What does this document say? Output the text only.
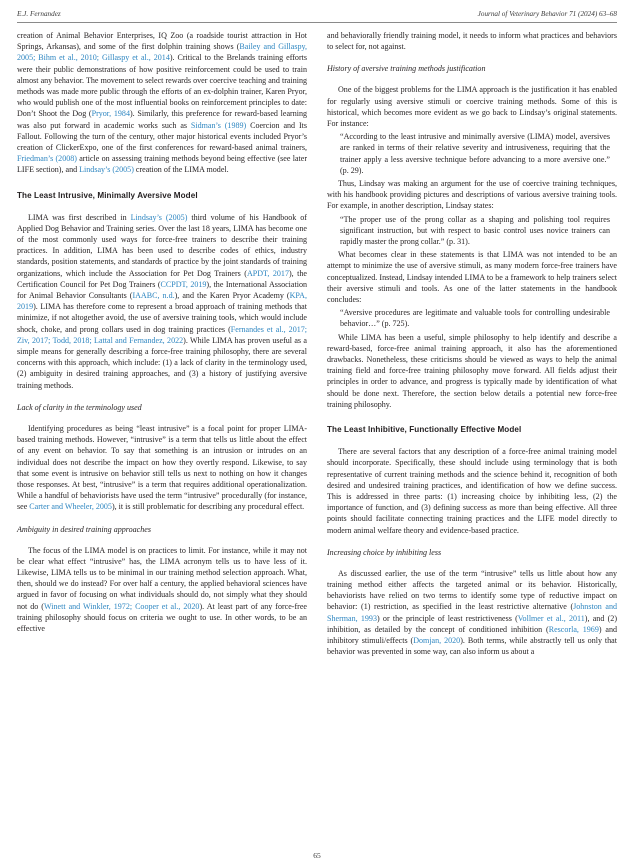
E.J. Fernandez	Journal of Veterinary Behavior 71 (2024) 63–68

creation of Animal Behavior Enterprises, IQ Zoo (a roadside tourist attraction in Hot Springs, Arkansas), and some of the first dolphin training shows (Bailey and Gillaspy, 2005; Bihm et al., 2010; Gillaspy et al., 2014). Critical to the Brelands training efforts were their public demonstrations of how positive reinforcement could be used to train almost any behavior. The movement to select rewards over coercive teaching and training methods was made more public through the efforts of an ex-dolphin trainer, Karen Pryor, who would publish one of the most influential books on reinforcement principles to date: Don’t Shoot the Dog (Pryor, 1984). Similarly, this preference for reward-based learning was also put forward in academic works such as Sidman’s (1989) Coercion and Its Fallout. Following the turn of the century, other major historical events included Pryor’s creation of ClickerExpo, one of the first conferences for reward-based animal trainers, Friedman’s (2008) article on assessing training methods beyond being effective (see later LIFE section), and Lindsay’s (2005) creation of the LIMA model.

The Least Intrusive, Minimally Aversive Model

LIMA was first described in Lindsay’s (2005) third volume of his Handbook of Applied Dog Behavior and Training series. Over the last 18 years, LIMA has become one of the most commonly used ways for force-free trainers to describe their training practices. In addition, LIMA has been used to describe codes of ethics, industry standards, position statements, and standards of practice by the joint standards of training organizations, which include the Association for Pet Dog Trainers (APDT, 2017), the Certification Council for Pet Dog Trainers (CCPDT, 2019), the International Association for Animal Behavior Consultants (IAABC, n.d.), and the Karen Pryor Academy (KPA, 2019). LIMA has therefore come to represent a broad approach of training methods that minimize, if not altogether avoid, the use of aversive training tools, which would include shock, choke, and prong collars used in dog training practices (Fernandes et al., 2017; Ziv, 2017; Todd, 2018; Lattal and Fernandez, 2022). While LIMA has proven useful as a simple means for generally describing a force-free training philosophy, there are several concerns with this approach, which include: (1) a lack of clarity in the terminology used, (2) ambiguity in desired training approaches, and (3) a history of justifying aversive training methods.

Lack of clarity in the terminology used

Identifying procedures as being “least intrusive” is a focal point for proper LIMA-based training methods. However, “intrusive” is a term that tells us little about the effect of any event on behavior. To say that something is an intrusion or intrudes on an individual does not describe the impact on how they overtly respond. Likewise, to say that some event is intrusive on behavior still tells us next to nothing on how it changes those responses. At best, “intrusive” is a term that requires additional operationalization. While a handful of behaviorists have used the term “intrusive” procedurally (for instance, see Carter and Wheeler, 2005), it is still problematic for describing any procedural effect.

Ambiguity in desired training approaches

The focus of the LIMA model is on practices to limit. For instance, while it may not be clear what effect “intrusive” has, the LIMA acronym tells us to have less of it. Likewise, LIMA tells us to be minimal in our training method selection approach. What, then, should we do instead? For over half a century, the applied behavioral sciences have argued in favor of focusing on what individuals should do, not simply what they should not do (Winett and Winkler, 1972; Cooper et al., 2020). At least part of any force-free training philosophy should focus on criteria we ought to use. In other words, to be an effective

and behaviorally friendly training model, it needs to inform what practices and behaviors to select for, not against.

History of aversive training methods justification

One of the biggest problems for the LIMA approach is the justification it has enabled for regularly using aversive stimuli or coercive training methods. Some of this is historical, which becomes more evident as we go back to Lindsay’s original statements. For instance:

“According to the least intrusive and minimally aversive (LIMA) model, aversives are ranked in terms of their relative severity and intrusiveness, requiring that the trainer apply a less aversive technique before advancing to a more aversive one.” (p. 29).

Thus, Lindsay was making an argument for the use of coercive training techniques, with his handbook providing pictures and descriptions of various aversive training tools. For example, in another description, Lindsay states:

“The proper use of the prong collar as a shaping and polishing tool requires significant instruction, but with respect to basic control uses novice trainers can rapidly master the prong collar.” (p. 31).

What becomes clear in these statements is that LIMA was not intended to be an attempt to minimize the use of aversive stimuli, as many modern force-free trainers have conceptualized. Instead, Lindsay intended LIMA to be a framework to help trainers select their aversive stimuli and tools. As one of the latter statements in the handbook concludes:

“Aversive procedures are legitimate and valuable tools for controlling undesirable behavior…” (p. 725).

While LIMA has been a useful, simple philosophy to help identify and describe a reward-based, force-free animal training approach, it also has the aforementioned drawbacks. Nonetheless, these criticisms should be viewed as ways to help the animal training field and force-free training philosophy move forward. All fields adjust their principles in order to advance, and progress is typically made by identification of what should be done next. Therefore, the section below details a potential new force-free training philosophy.

The Least Inhibitive, Functionally Effective Model

There are several factors that any description of a force-free animal training model should incorporate. Specifically, these should include using terminology that is both representative of current training methods and the science behind it, recognition of both desired and undesired training practices, and identification of how we define success. This is addressed in three parts: (1) increasing choice by inhibiting less, (2) the importance of function, and (3) defining success as more than being effective. All three points should facilitate connecting training practices and the LIFE model directly to modern animal welfare theory and evidence-based practice.

Increasing choice by inhibiting less

As discussed earlier, the use of the term “intrusive” tells us little about how any training method either affects the targeted animal or its behavior. Historically, behaviorists have relied on two terms to identify some type of reductive impact on behavior: (1) restriction, as specified in the least restrictive alternative (Johnston and Sherman, 1993) or the principle of least restrictiveness (Vollmer et al., 2011), and (2) inhibition, as detailed by the concept of conditioned inhibition (Rescorla, 1969) and inhibitory stimuli/effects (Domjan, 2020). Both terms, while abstractly tell us only that behavior was prevented in some way, can also inform us about a

65
